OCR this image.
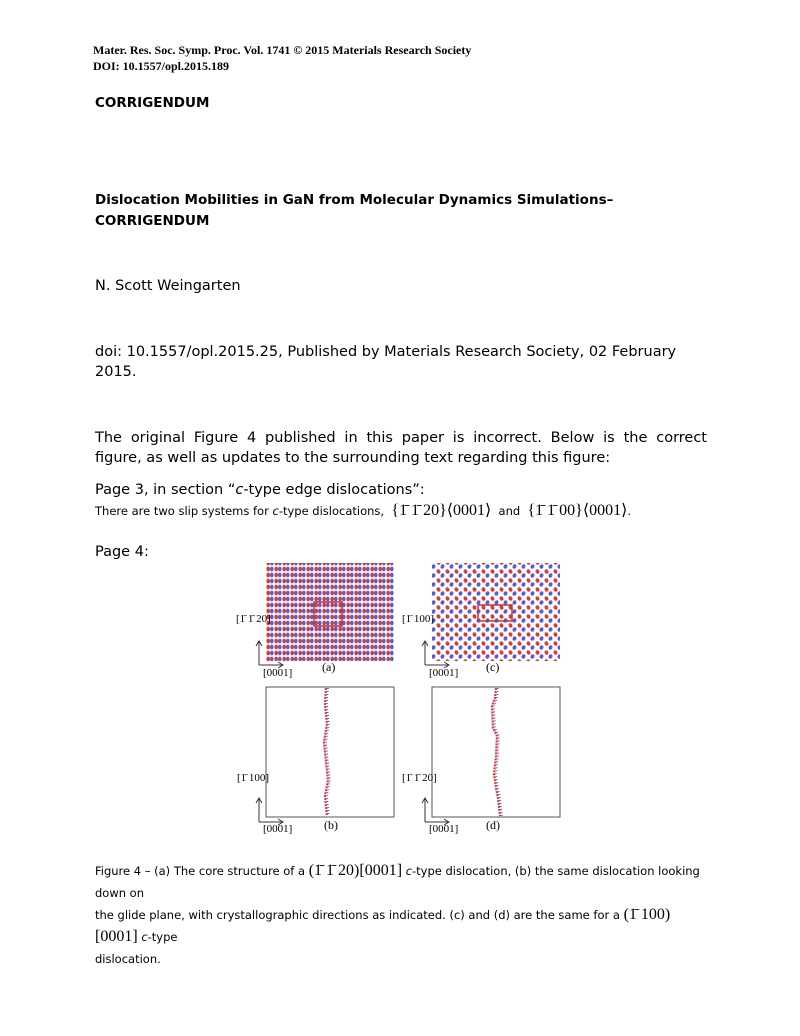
Mater. Res. Soc. Symp. Proc. Vol. 1741 © 2015 Materials Research Society
DOI: 10.1557/opl.2015.189
CORRIGENDUM
Dislocation Mobilities in GaN from Molecular Dynamics Simulations–
CORRIGENDUM
N. Scott Weingarten
doi: 10.1557/opl.2015.25, Published by Materials Research Society, 02 February
2015.
The original Figure 4 published in this paper is incorrect. Below is the correct
figure, as well as updates to the surrounding text regarding this figure:
Page 3, in section “c-type edge dislocations”:
There are two slip systems for c-type dislocations, {1̄ 1̄ 20}⟨0001⟩ and {1̄ 1̄ 00}⟨0001⟩.
Page 4:
[1̄ 1̄ 20]
[0001] (a)
[1̄ 100]
[0001] (c)
[1̄ 100]
[0001]	(b)
[1̄ 1̄ 20]
[0001] (d)
Figure 4 – (a) The core structure of a (1̄ 1̄ 20)[0001] c-type dislocation, (b) the same dislocation looking down on
the glide plane, with crystallographic directions as indicated. (c) and (d) are the same for a (1̄ 100)[0001] c-type
dislocation.
